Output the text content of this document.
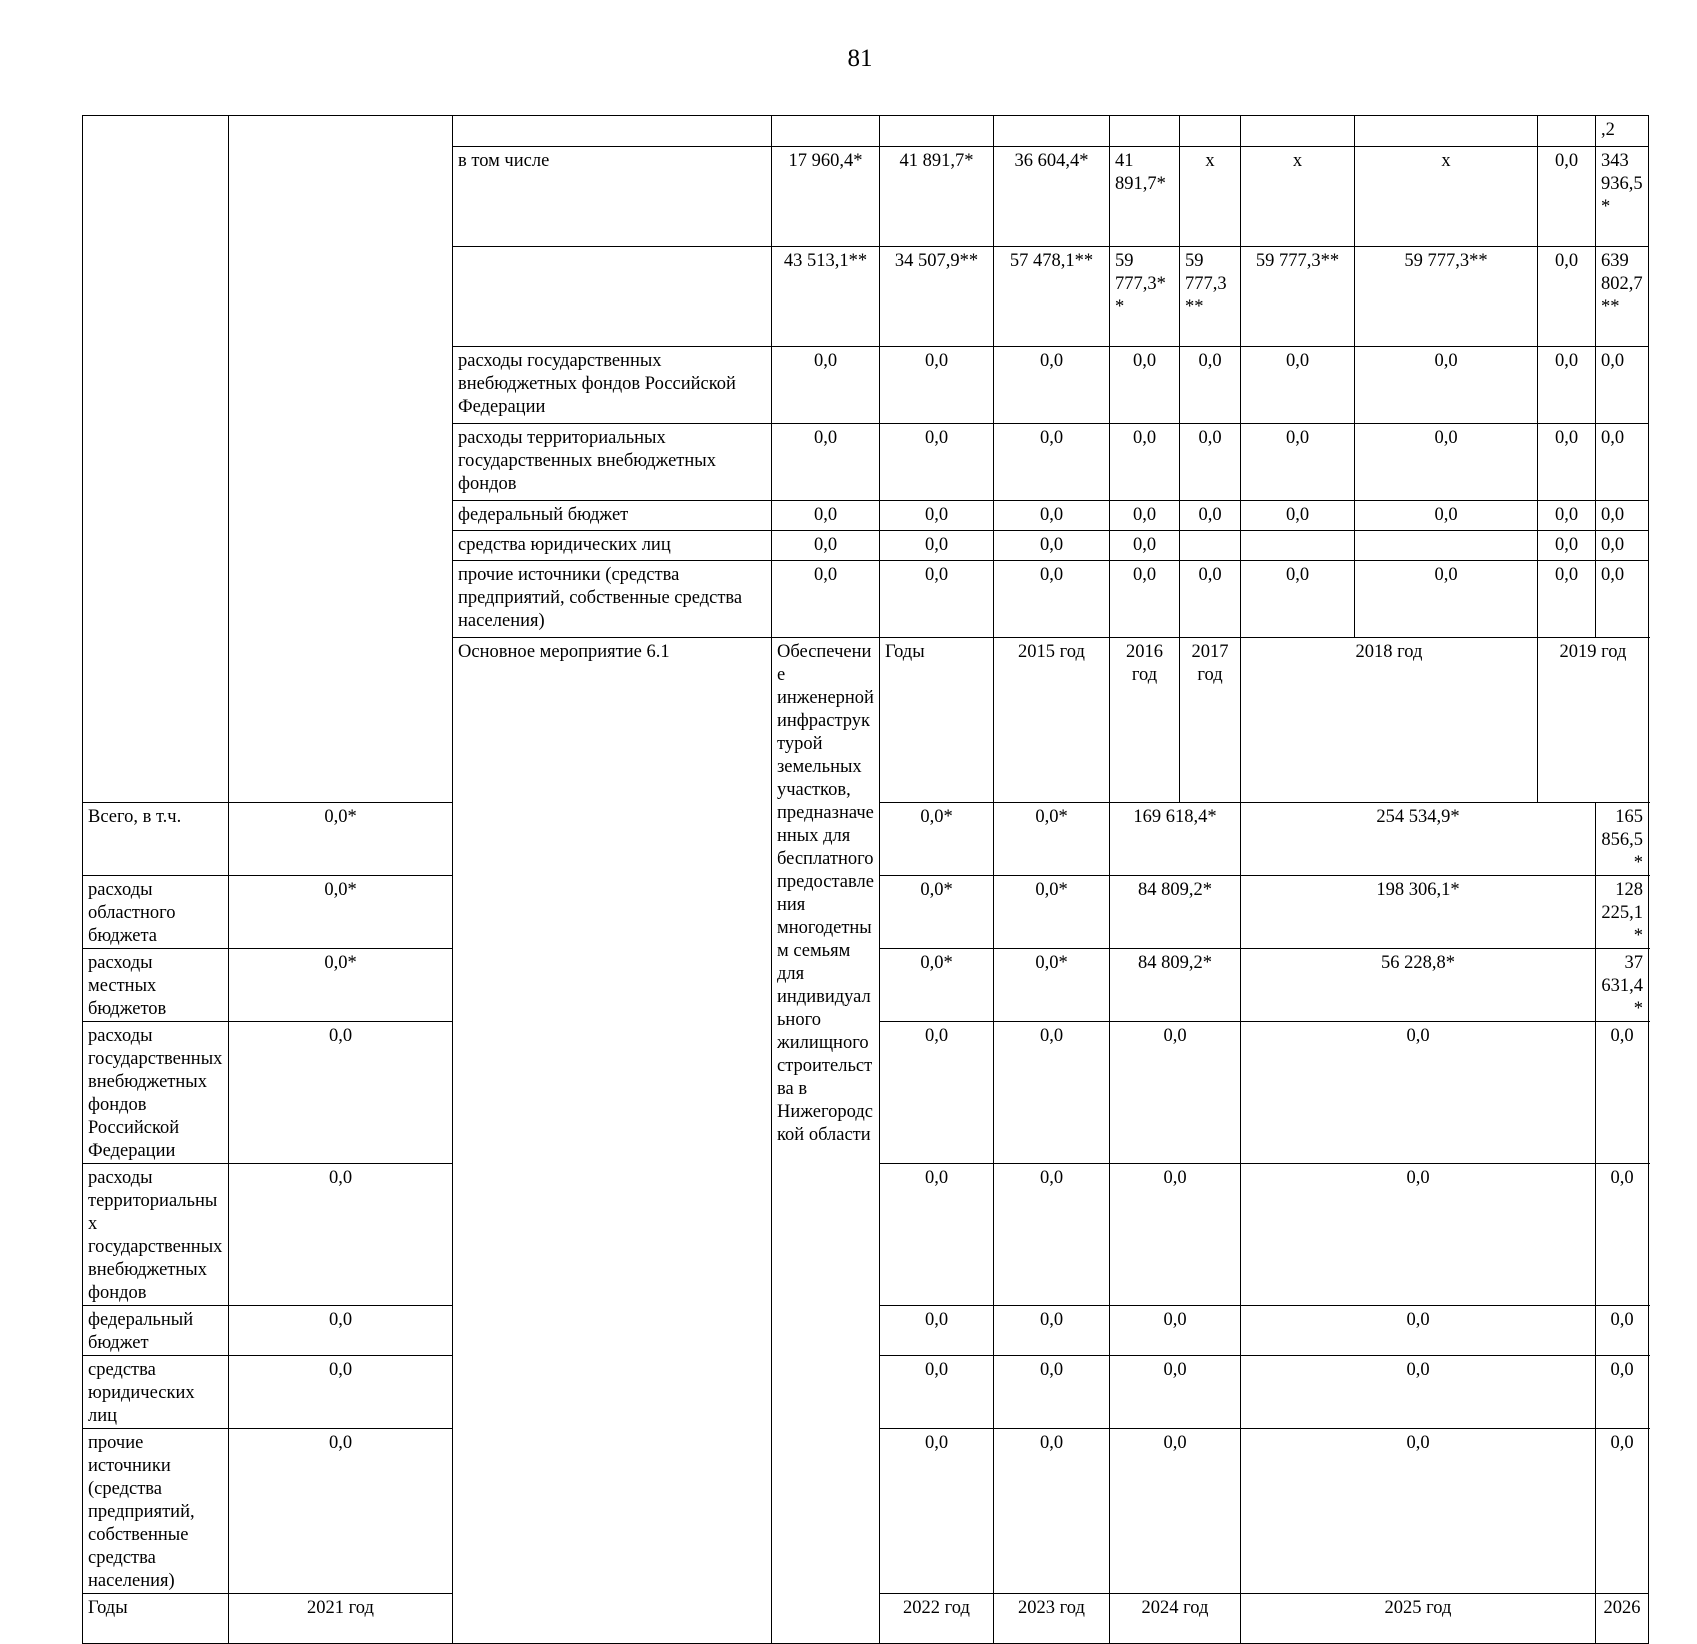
81
											,2	
		в том числе	17 960,4*	41 891,7*	36 604,4*	41 891,7*	х	х	х	0,0	343 936,5*	
			43 513,1**	34 507,9**	57 478,1**	59 777,3**	59 777,3**	59 777,3**	59 777,3**	0,0	639 802,7**	
		расходы государственных внебюджетных фондов Российской Федерации	0,0	0,0	0,0	0,0	0,0	0,0	0,0	0,0	0,0	
		расходы территориальных государственных внебюджетных фондов	0,0	0,0	0,0	0,0	0,0	0,0	0,0	0,0	0,0	
		федеральный бюджет	0,0	0,0	0,0	0,0	0,0	0,0	0,0	0,0	0,0	
		средства юридических лиц	0,0	0,0	0,0	0,0				0,0	0,0	
		прочие источники (средства предприятий, собственные средства населения)	0,0	0,0	0,0	0,0	0,0	0,0	0,0	0,0	0,0	
		Основное мероприятие 6.1	Обеспечение инженерной инфраструктурой земельных участков, предназначенных для бесплатного предоставления многодетным семьям для индивидуального жилищного строительства в Нижегородской области	Годы	2015 год	2016 год	2017 год	2018 год		2019 год	
Всего, в т.ч.	0,0*			0,0*	0,0*	169 618,4*		254 534,9*			165 856,5*	
расходы областного бюджета	0,0*			0,0*	0,0*	84 809,2*		198 306,1*			128 225,1*	
расходы местных бюджетов	0,0*			0,0*	0,0*	84 809,2*		56 228,8*			37 631,4*	
расходы государственных внебюджетных фондов Российской Федерации	0,0			0,0	0,0	0,0		0,0			0,0	
расходы территориальных государственных внебюджетных фондов	0,0			0,0	0,0	0,0		0,0			0,0	
федеральный бюджет	0,0			0,0	0,0	0,0		0,0			0,0	
средства юридических лиц	0,0			0,0	0,0	0,0		0,0			0,0	
прочие источники (средства предприятий, собственные средства населения)	0,0			0,0	0,0	0,0		0,0			0,0	
Годы	2021 год			2022 год	2023 год	2024 год		2025 год			2026	
